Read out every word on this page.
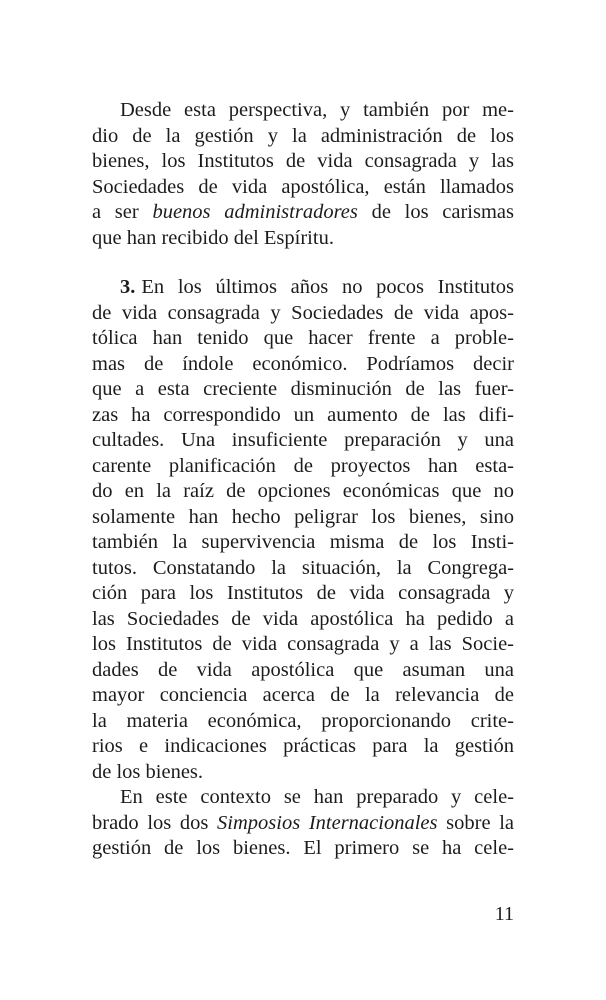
Desde esta perspectiva, y también por me-
dio de la gestión y la administración de los
bienes, los Institutos de vida consagrada y las
Sociedades de vida apostólica, están llamados
a ser buenos administradores de los carismas
que han recibido del Espíritu.
3. En los últimos años no pocos Institutos
de vida consagrada y Sociedades de vida apos-
tólica han tenido que hacer frente a proble-
mas de índole económico. Podríamos decir
que a esta creciente disminución de las fuer-
zas ha correspondido un aumento de las difi-
cultades. Una insuficiente preparación y una
carente planificación de proyectos han esta-
do en la raíz de opciones económicas que no
solamente han hecho peligrar los bienes, sino
también la supervivencia misma de los Insti-
tutos. Constatando la situación, la Congrega-
ción para los Institutos de vida consagrada y
las Sociedades de vida apostólica ha pedido a
los Institutos de vida consagrada y a las Socie-
dades de vida apostólica que asuman una
mayor conciencia acerca de la relevancia de
la materia económica, proporcionando crite-
rios e indicaciones prácticas para la gestión
de los bienes.
En este contexto se han preparado y cele-
brado los dos Simposios Internacionales sobre la
gestión de los bienes. El primero se ha cele-
11
